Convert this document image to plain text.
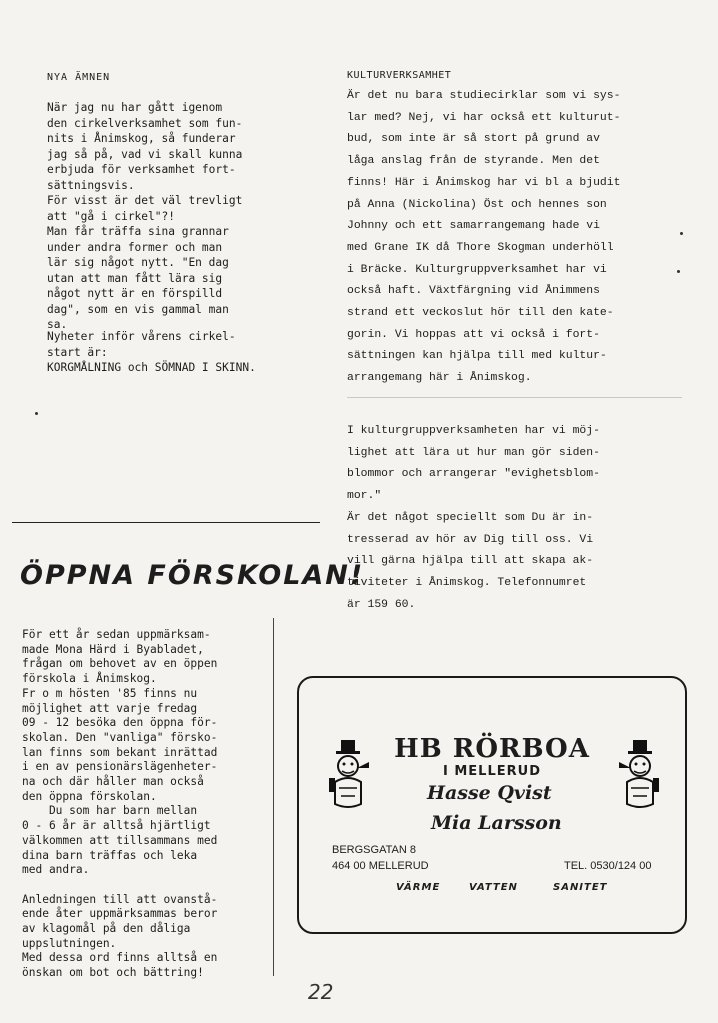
NYA ÄMNEN
När jag nu har gått igenom
den cirkelverksamhet som fun-
nits i Ånimskog, så funderar
jag så på, vad vi skall kunna
erbjuda för verksamhet fort-
sättningsvis.
För visst är det väl trevligt
att "gå i cirkel"?!
Man får träffa sina grannar
under andra former och man
lär sig något nytt. "En dag
utan att man fått lära sig
något nytt är en förspilld
dag", som en vis gammal man
sa.
Nyheter inför vårens cirkel-
start är:
KORGMÅLNING och SÖMNAD I SKINN.
ÖPPNA FÖRSKOLAN!
För ett år sedan uppmärksam-
made Mona Härd i Byabladet,
frågan om behovet av en öppen
förskola i Ånimskog.
Fr o m hösten '85 finns nu
möjlighet att varje fredag
09 - 12 besöka den öppna för-
skolan. Den "vanliga" försko-
lan finns som bekant inrättad
i en av pensionärslägenheter-
na och där håller man också
den öppna förskolan.
Du som har barn mellan
0 - 6 år är alltså hjärtligt
välkommen att tillsammans med
dina barn träffas och leka
med andra.
Anledningen till att ovanstå-
ende åter uppmärksammas beror
av klagomål på den dåliga
uppslutningen.
Med dessa ord finns alltså en
önskan om bot och bättring!
KULTURVERKSAMHET
Är det nu bara studiecirklar som vi sys-
lar med? Nej, vi har också ett kulturut-
bud, som inte är så stort på grund av
låga anslag från de styrande. Men det
finns! Här i Ånimskog har vi bl a bjudit
på Anna (Nickolina) Öst och hennes son
Johnny och ett samarrangemang hade vi
med Grane IK då Thore Skogman underhöll
i Bräcke. Kulturgruppverksamhet har vi
också haft. Växtfärgning vid Ånimmens
strand ett veckoslut hör till den kate-
gorin. Vi hoppas att vi också i fort-
sättningen kan hjälpa till med kultur-
arrangemang här i Ånimskog.
I kulturgruppverksamheten har vi möj-
lighet att lära ut hur man gör siden-
blommor och arrangerar "evighetsblom-
mor."
Är det något speciellt som Du är in-
tresserad av hör av Dig till oss. Vi
vill gärna hjälpa till att skapa ak-
tiviteter i Ånimskog. Telefonnumret
är 159 60.
HB RÖRBOA
I MELLERUD
Hasse Qvist
Mia Larsson
BERGSGATAN 8
464 00 MELLERUD	TEL. 0530/124 00
VÄRME	VATTEN	SANITET
22
